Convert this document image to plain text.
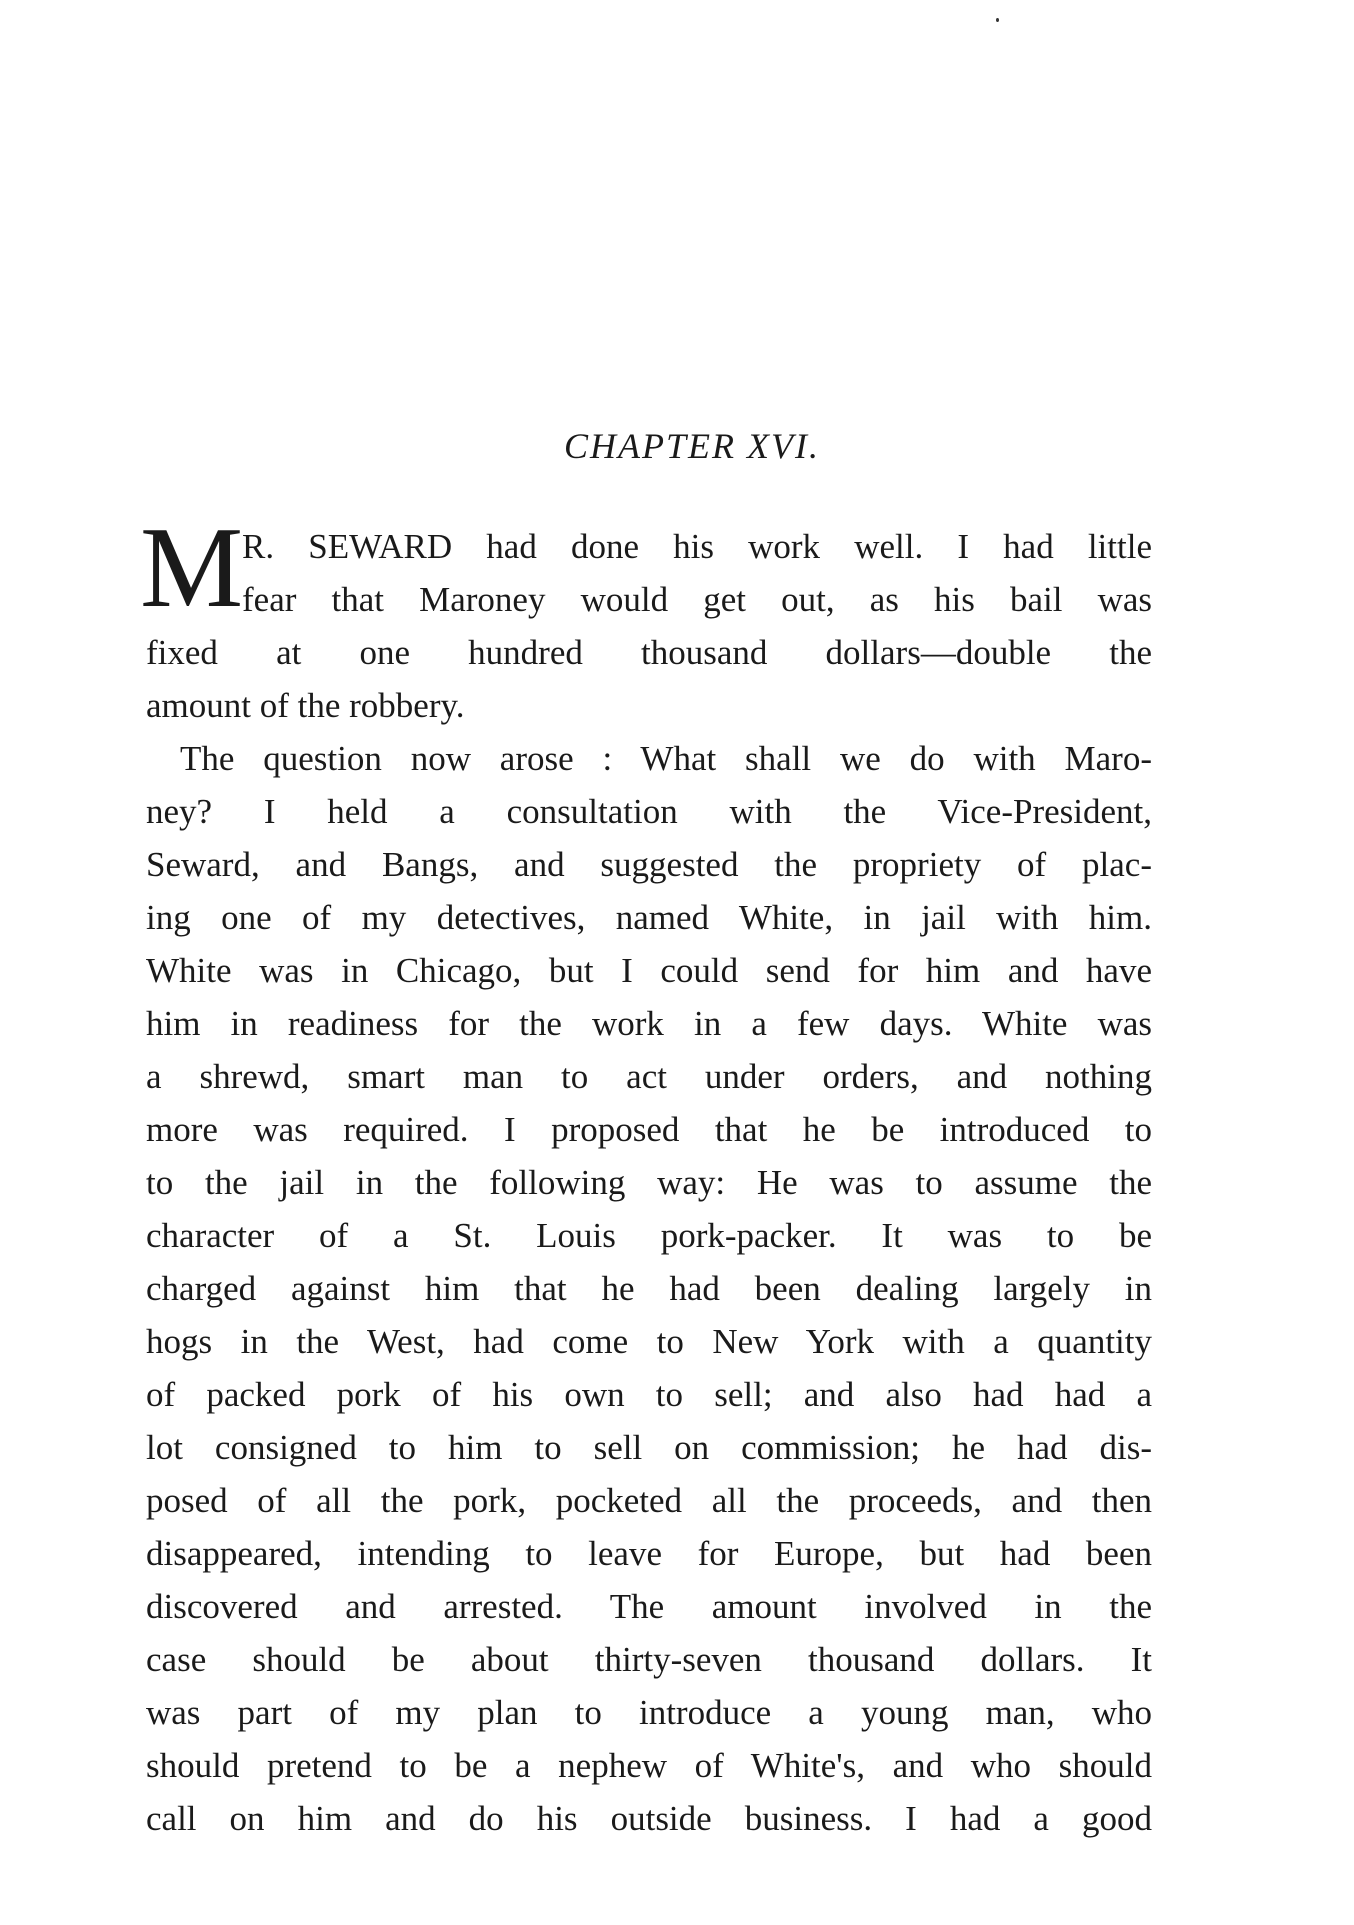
CHAPTER XVI.
M
R. SEWARD had done his work well. I had little
fear that Maroney would get out, as his bail was
fixed at one hundred thousand dollars—double the
amount of the robbery.
The question now arose : What shall we do with Maro-
ney? I held a consultation with the Vice-President,
Seward, and Bangs, and suggested the propriety of plac-
ing one of my detectives, named White, in jail with him.
White was in Chicago, but I could send for him and have
him in readiness for the work in a few days. White was
a shrewd, smart man to act under orders, and nothing
more was required. I proposed that he be introduced to
to the jail in the following way: He was to assume the
character of a St. Louis pork-packer. It was to be
charged against him that he had been dealing largely in
hogs in the West, had come to New York with a quantity
of packed pork of his own to sell; and also had had a
lot consigned to him to sell on commission; he had dis-
posed of all the pork, pocketed all the proceeds, and then
disappeared, intending to leave for Europe, but had been
discovered and arrested. The amount involved in the
case should be about thirty-seven thousand dollars. It
was part of my plan to introduce a young man, who
should pretend to be a nephew of White's, and who should
call on him and do his outside business. I had a good
